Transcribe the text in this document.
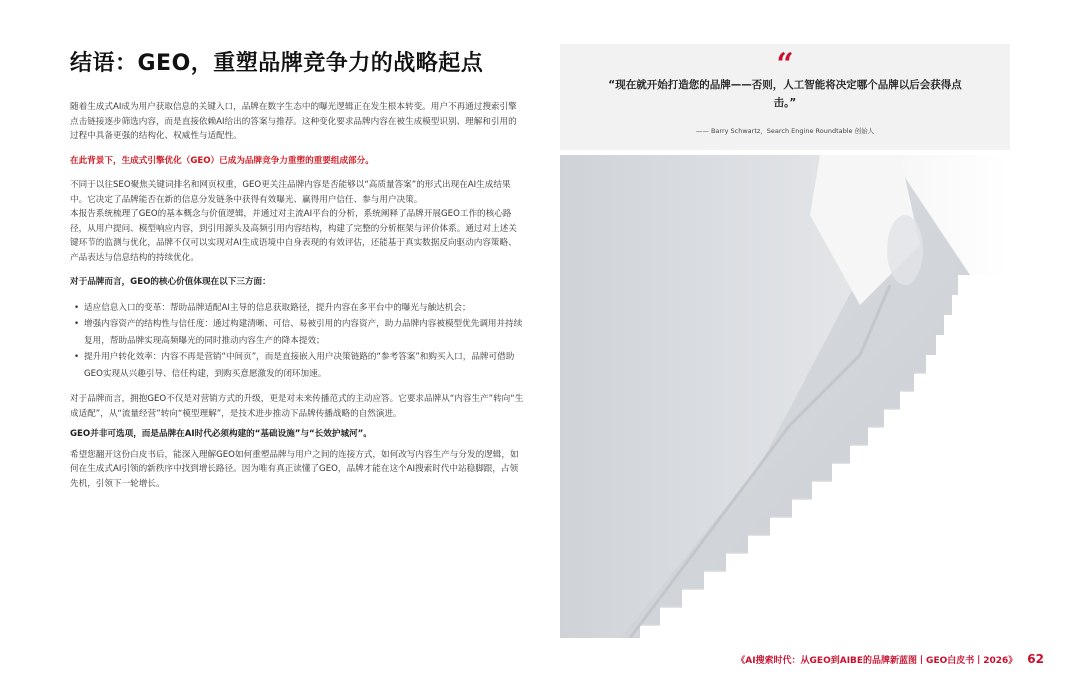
结语：GEO，重塑品牌竞争力的战略起点

随着生成式AI成为用户获取信息的关键入口，品牌在数字生态中的曝光逻辑正在发生根本转变。用户不再通过搜索引擎点击链接逐步筛选内容，而是直接依赖AI给出的答案与推荐。这种变化要求品牌内容在被生成模型识别、理解和引用的过程中具备更强的结构化、权威性与适配性。

在此背景下，生成式引擎优化（GEO）已成为品牌竞争力重塑的重要组成部分。

不同于以往SEO聚焦关键词排名和网页权重，GEO更关注品牌内容是否能够以“高质量答案”的形式出现在AI生成结果中。它决定了品牌能否在新的信息分发链条中获得有效曝光、赢得用户信任、参与用户决策。

本报告系统梳理了GEO的基本概念与价值逻辑，并通过对主流AI平台的分析，系统阐释了品牌开展GEO工作的核心路径，从用户提问、模型响应内容，到引用源头及高频引用内容结构，构建了完整的分析框架与评价体系。通过对上述关键环节的监测与优化，品牌不仅可以实现对AI生成语境中自身表现的有效评估，还能基于真实数据反向驱动内容策略、产品表达与信息结构的持续优化。

对于品牌而言，GEO的核心价值体现在以下三方面：

• 适应信息入口的变革：帮助品牌适配AI主导的信息获取路径，提升内容在多平台中的曝光与触达机会；
• 增强内容资产的结构性与信任度：通过构建清晰、可信、易被引用的内容资产，助力品牌内容被模型优先调用并持续复用，帮助品牌实现高频曝光的同时推动内容生产的降本提效；
• 提升用户转化效率：内容不再是营销“中间页”，而是直接嵌入用户决策链路的“参考答案”和购买入口，品牌可借助GEO实现从兴趣引导、信任构建，到购买意愿激发的闭环加速。

对于品牌而言，拥抱GEO不仅是对营销方式的升级，更是对未来传播范式的主动应答。它要求品牌从“内容生产”转向“生成适配”，从“流量经营”转向“模型理解”，是技术进步推动下品牌传播战略的自然演进。

GEO并非可选项，而是品牌在AI时代必须构建的“基础设施”与“长效护城河”。

希望您翻开这份白皮书后，能深入理解GEO如何重塑品牌与用户之间的连接方式，如何改写内容生产与分发的逻辑，如何在生成式AI引领的新秩序中找到增长路径。因为唯有真正读懂了GEO，品牌才能在这个AI搜索时代中站稳脚跟，占领先机，引领下一轮增长。

“
“现在就开始打造您的品牌——否则，人工智能将决定哪个品牌以后会获得点击。”
—— Barry Schwartz，Search Engine Roundtable 创始人
《AI搜索时代：从GEO到AIBE的品牌新蓝图丨GEO白皮书丨2026》 62
